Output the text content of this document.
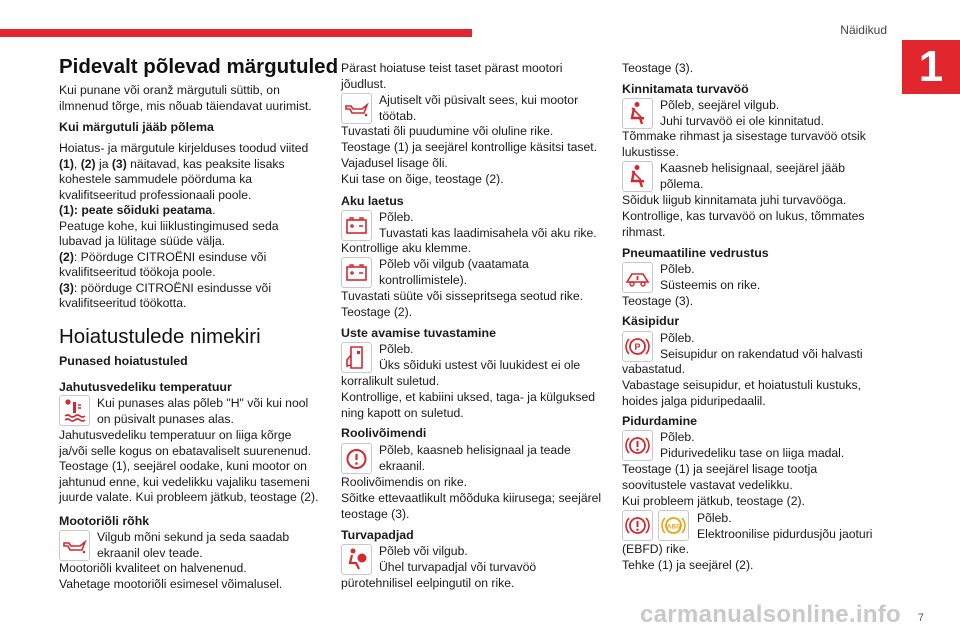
Näidikud
1
7
carmanualsonline.info
Pidevalt põlevad märgutuled

Kui punane või oranž märgutuli süttib, on ilmnenud tõrge, mis nõuab täiendavat uurimist.

Kui märgutuli jääb põlema

Hoiatus- ja märgutule kirjelduses toodud viited (1), (2) ja (3) näitavad, kas peaksite lisaks kohestele sammudele pöörduma ka kvalifitseeritud professionaali poole.

(1): peate sõiduki peatama.

Peatuge kohe, kui liiklustingimused seda lubavad ja lülitage süüde välja.

(2): Pöörduge CITROËNI esinduse või kvalifitseeritud töökoja poole.

(3): pöörduge CITROËNI esindusse või kvalifitseeritud töökotta.

Hoiatustulede nimekiri
Punased hoiatustuled
Jahutusvedeliku temperatuur

Kui punases alas põleb "H" või kui nool on püsivalt punases alas.

Jahutusvedeliku temperatuur on liiga kõrge ja/või selle kogus on ebatavaliselt suurenenud.

Teostage (1), seejärel oodake, kuni mootor on jahtunud enne, kui vedelikku vajaliku tasemeni juurde valate. Kui probleem jätkub, teostage (2).

Mootoriõli rõhk

Vilgub mõni sekund ja seda saadab ekraanil olev teade.

Mootoriõli kvaliteet on halvenenud.

Vahetage mootoriõli esimesel võimalusel.

Pärast hoiatuse teist taset pärast mootori jõudlust.

Ajutiselt või püsivalt sees, kui mootor töötab.

Tuvastati õli puudumine või oluline rike.

Teostage (1) ja seejärel kontrollige käsitsi taset.

Vajadusel lisage õli.

Kui tase on õige, teostage (2).

Aku laetus

Põleb.
Tuvastati kas laadimisahela või aku rike.

Kontrollige aku klemme.

Põleb või vilgub (vaatamata kontrollimistele).

Tuvastati süüte või sissepritsega seotud rike.

Teostage (2).

Uste avamise tuvastamine

Põleb.
Üks sõiduki ustest või luukidest ei ole

korralikult suletud.

Kontrollige, et kabiini uksed, taga- ja külguksed ning kapott on suletud.

Roolivõimendi

Põleb, kaasneb helisignaal ja teade ekraanil.

Roolivõimendis on rike.

Sõitke ettevaatlikult mõõduka kiirusega; seejärel teostage (3).

Turvapadjad

Põleb või vilgub.
Ühel turvapadjal või turvavöö

pürotehnilisel eelpingutil on rike.

Teostage (3).

Kinnitamata turvavöö

Põleb, seejärel vilgub.
Juhi turvavöö ei ole kinnitatud.

Tõmmake rihmast ja sisestage turvavöö otsik lukustisse.

Kaasneb helisignaal, seejärel jääb põlema.

Sõiduk liigub kinnitamata juhi turvavööga.

Kontrollige, kas turvavöö on lukus, tõmmates rihmast.

Pneumaatiline vedrustus

Põleb.
Süsteemis on rike.

Teostage (3).

Käsipidur
P

Põleb.
Seisupidur on rakendatud või halvasti

vabastatud.

Vabastage seisupidur, et hoiatustuli kustuks, hoides jalga piduripedaalil.

Pidurdamine

Põleb.
Pidurivedeliku tase on liiga madal.

Teostage (1) ja seejärel lisage tootja soovitustele vastavat vedelikku.

Kui probleem jätkub, teostage (2).

ABS

Põleb.
Elektroonilise pidurdusjõu jaoturi

(EBFD) rike.

Tehke (1) ja seejärel (2).
